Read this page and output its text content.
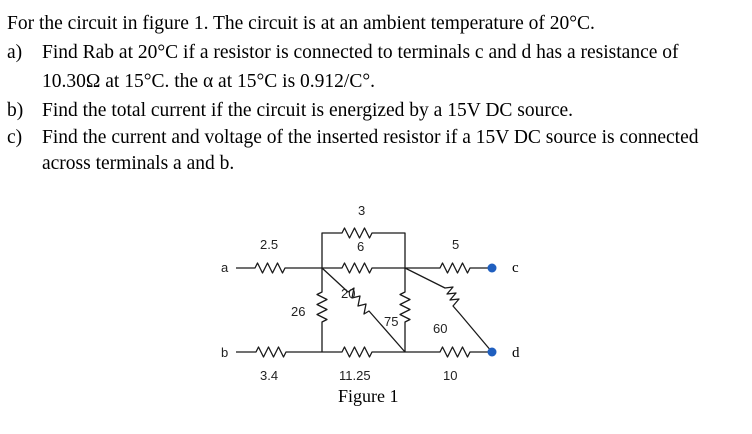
For the circuit in figure 1. The circuit is at an ambient temperature of 20°C.
a) Find Rab at 20°C if a resistor is connected to terminals c and d has a resistance of
10.30Ω at 15°C. the α at 15°C is 0.912/C°.
b) Find the total current if the circuit is energized by a 15V DC source.
c) Find the current and voltage of the inserted resistor if a 15V DC source is connected
across terminals a and b.
a
b
c
d
2.5
3
6	5
20
26
75	60
3.4	11.25	10
Figure 1
